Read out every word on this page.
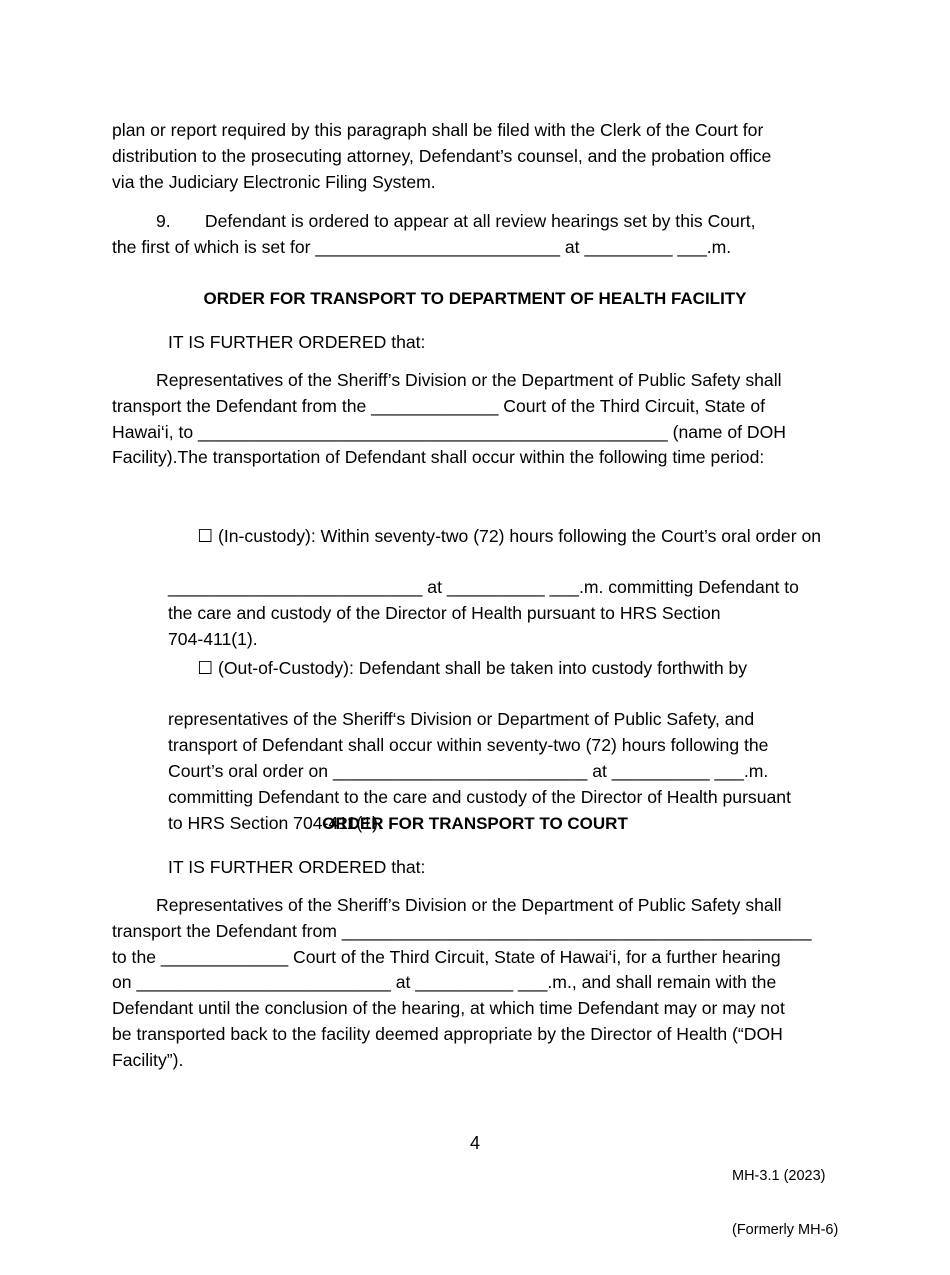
plan or report required by this paragraph shall be filed with the Clerk of the Court for
distribution to the prosecuting attorney, Defendant’s counsel, and the probation office
via the Judiciary Electronic Filing System.
9.       Defendant is ordered to appear at all review hearings set by this Court,
the first of which is set for _________________________ at _________ ___.m.
ORDER FOR TRANSPORT TO DEPARTMENT OF HEALTH FACILITY

IT IS FURTHER ORDERED that:

Representatives of the Sheriff’s Division or the Department of Public Safety shall
transport the Defendant from the _____________ Court of the Third Circuit, State of
Hawai‘i, to ________________________________________________ (name of DOH
Facility).The transportation of Defendant shall occur within the following time period:

☐ (In-custody): Within seventy-two (72) hours following the Court’s oral order on

__________________________ at __________ ___.m. committing Defendant to
the care and custody of the Director of Health pursuant to HRS Section
704-411(1).

☐ (Out-of-Custody): Defendant shall be taken into custody forthwith by

representatives of the Sheriff‘s Division or Department of Public Safety, and
transport of Defendant shall occur within seventy-two (72) hours following the
Court’s oral order on __________________________ at __________ ___.m.
committing Defendant to the care and custody of the Director of Health pursuant
to HRS Section 704-411(1).
ORDER FOR TRANSPORT TO COURT

IT IS FURTHER ORDERED that:

Representatives of the Sheriff’s Division or the Department of Public Safety shall
transport the Defendant from ________________________________________________
to the _____________ Court of the Third Circuit, State of Hawai‘i, for a further hearing
on __________________________ at __________ ___.m., and shall remain with the
Defendant until the conclusion of the hearing, at which time Defendant may or may not
be transported back to the facility deemed appropriate by the Director of Health (“DOH
Facility”).
4

MH-3.1 (2023)

(Formerly MH-6)
